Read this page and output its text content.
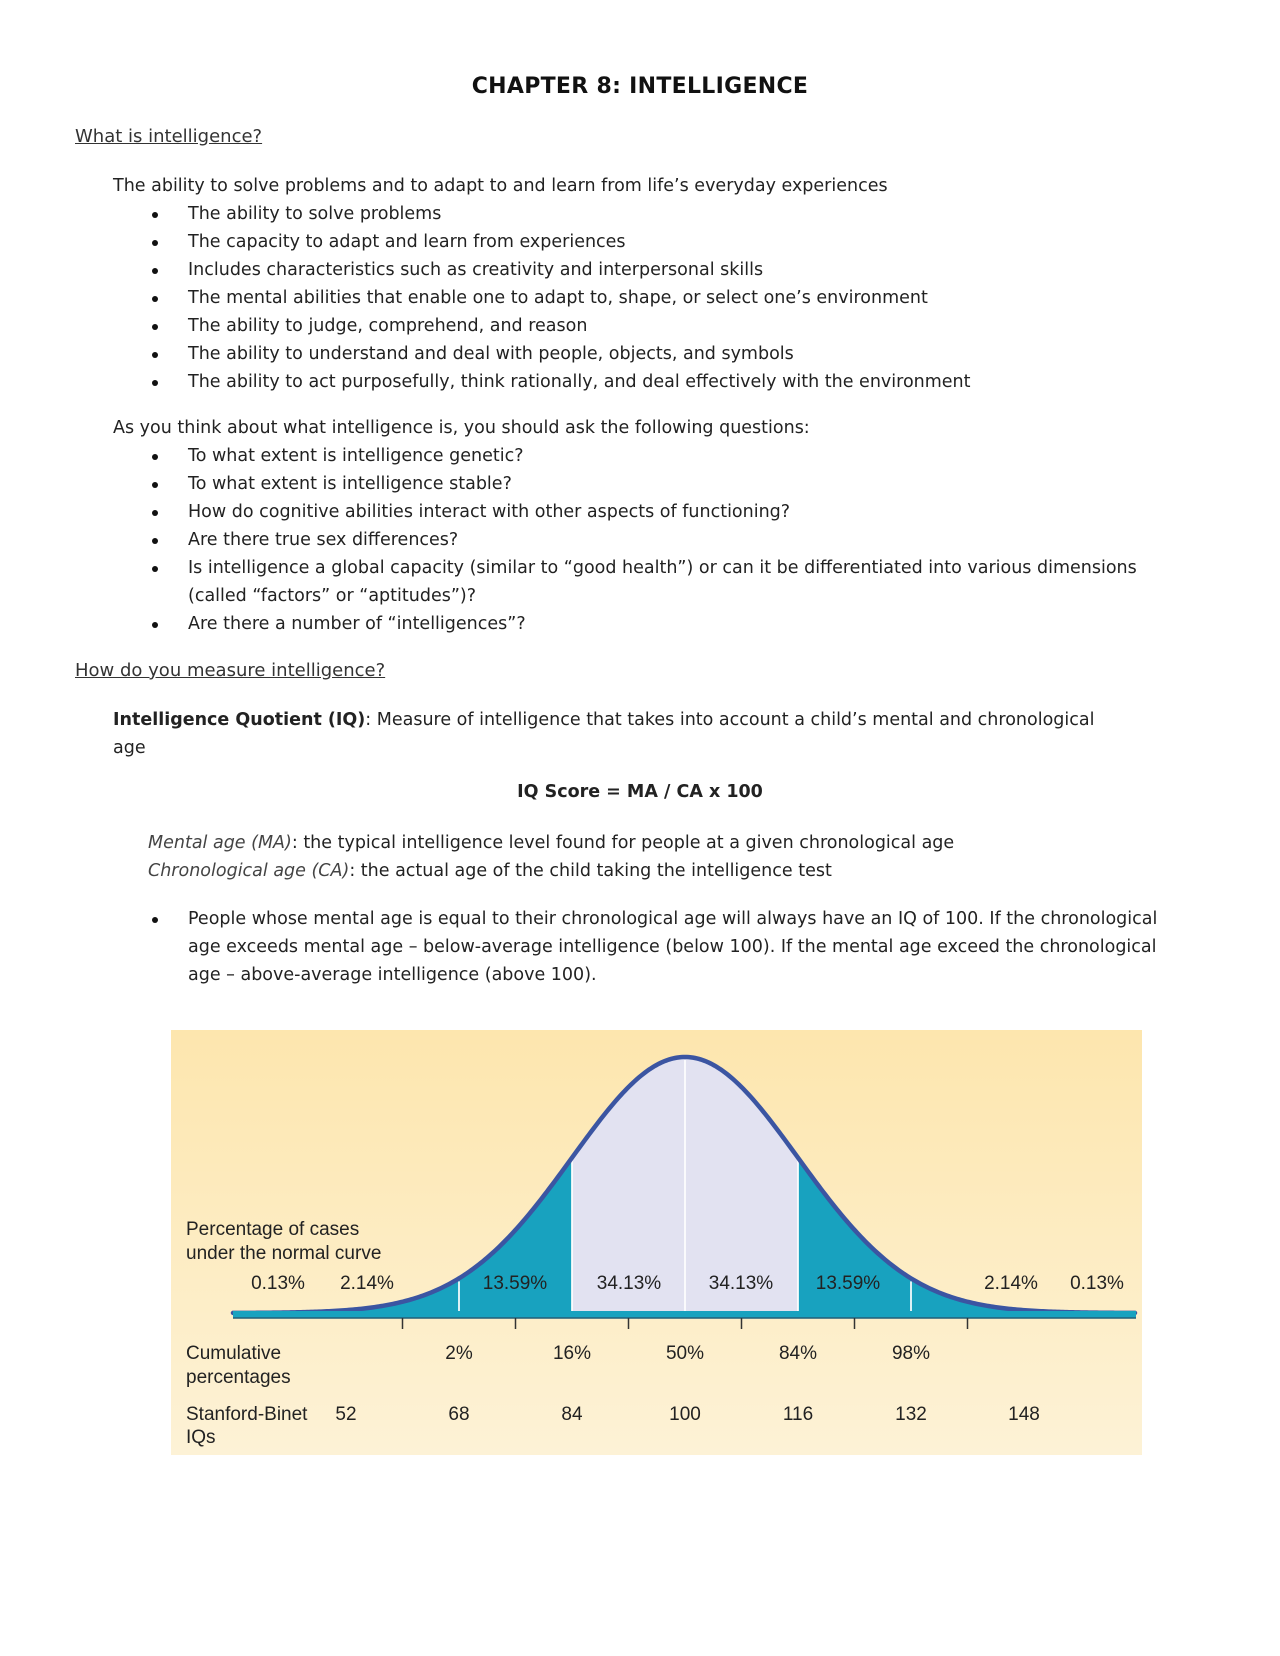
CHAPTER 8: INTELLIGENCE
What is intelligence?

The ability to solve problems and to adapt to and learn from life’s everyday experiences

The ability to solve problems
The capacity to adapt and learn from experiences
Includes characteristics such as creativity and interpersonal skills
The mental abilities that enable one to adapt to, shape, or select one’s environment
The ability to judge, comprehend, and reason
The ability to understand and deal with people, objects, and symbols
The ability to act purposefully, think rationally, and deal effectively with the environment

As you think about what intelligence is, you should ask the following questions:

To what extent is intelligence genetic?
To what extent is intelligence stable?
How do cognitive abilities interact with other aspects of functioning?
Are there true sex differences?
Is intelligence a global capacity (similar to “good health”) or can it be differentiated into various dimensions (called “factors” or “aptitudes”)?
Are there a number of “intelligences”?
How do you measure intelligence?

Intelligence Quotient (IQ): Measure of intelligence that takes into account a child’s mental and chronological age

IQ Score = MA / CA x 100
Mental age (MA): the typical intelligence level found for people at a given chronological age
Chronological age (CA): the actual age of the child taking the intelligence test
People whose mental age is equal to their chronological age will always have an IQ of 100. If the chronological age exceeds mental age – below-average intelligence (below 100). If the mental age exceed the chronological age – above-average intelligence (above 100).
Percentage of cases
under the normal curve
0.13% 2.14%	13.59%	34.13%	34.13% 13.59%	2.14% 0.13%
Cumulative
percentages
2%	16%	50%	84%	98%
Stanford-Binet
IQs
52	68	84	100	116	132	148
